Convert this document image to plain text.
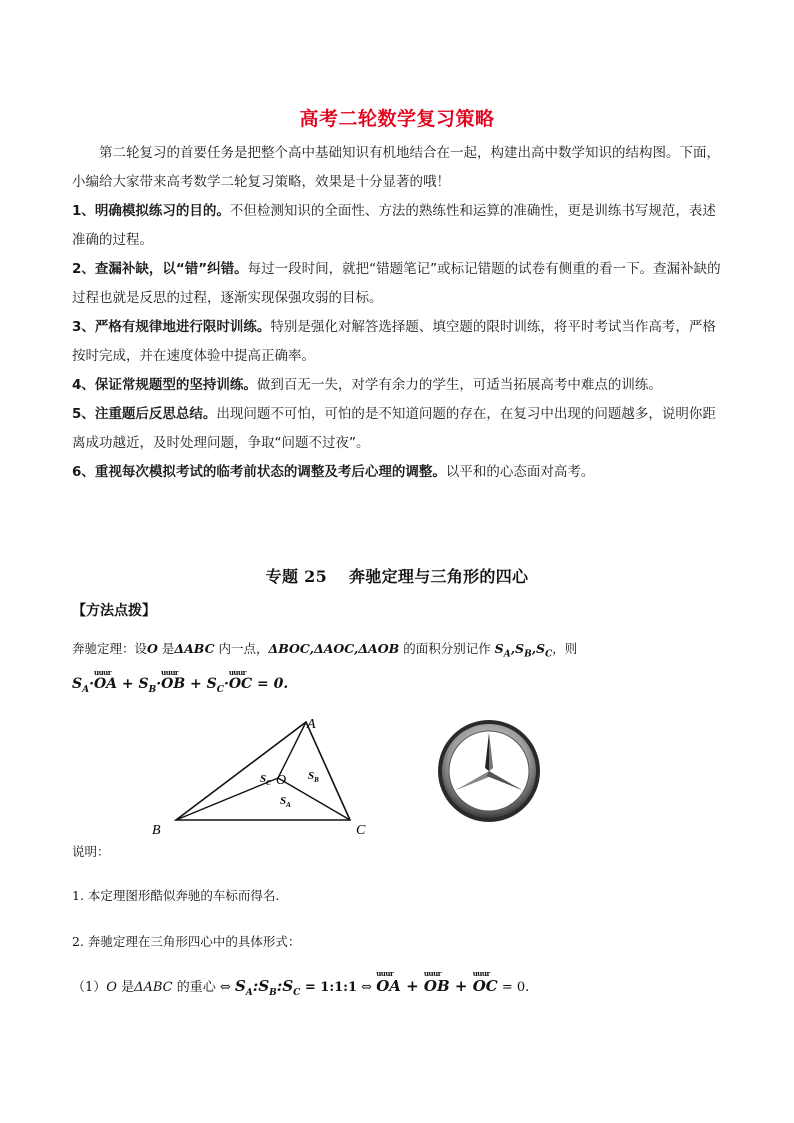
高考二轮数学复习策略
第二轮复习的首要任务是把整个高中基础知识有机地结合在一起，构建出高中数学知识的结构图。下面，小编给大家带来高考数学二轮复习策略，效果是十分显著的哦！
1、明确模拟练习的目的。不但检测知识的全面性、方法的熟练性和运算的准确性，更是训练书写规范，表述准确的过程。
2、查漏补缺，以“错”纠错。每过一段时间，就把“错题笔记”或标记错题的试卷有侧重的看一下。查漏补缺的过程也就是反思的过程，逐渐实现保强攻弱的目标。
3、严格有规律地进行限时训练。特别是强化对解答选择题、填空题的限时训练，将平时考试当作高考，严格按时完成，并在速度体验中提高正确率。
4、保证常规题型的坚持训练。做到百无一失，对学有余力的学生，可适当拓展高考中难点的训练。
5、注重题后反思总结。出现问题不可怕，可怕的是不知道问题的存在，在复习中出现的问题越多，说明你距离成功越近，及时处理问题，争取“问题不过夜”。
6、重视每次模拟考试的临考前状态的调整及考后心理的调整。以平和的心态面对高考。
专题 25 奔驰定理与三角形的四心
【方法点拨】
奔驰定理：设O 是ΔABC 内一点，ΔBOC,ΔAOC,ΔAOB 的面积分别记作 $S_A,S_B,S_C$，则
$S_A\cdot uuur$ OA + $S_B\cdot uuur$ OB + $S_C\cdot uuur$ OC = 0.
A
B	C
O
$S_C$
$S_B$
$S_A$
说明：
1. 本定理图形酷似奔驰的车标而得名.
2. 奔驰定理在三角形四心中的具体形式：
（1）O 是ΔABC 的重心 ⇔ $S_A:S_B:S_C$ = 1:1:1 ⇔ uuur OA + uuur OB + uuur OC = 0.
